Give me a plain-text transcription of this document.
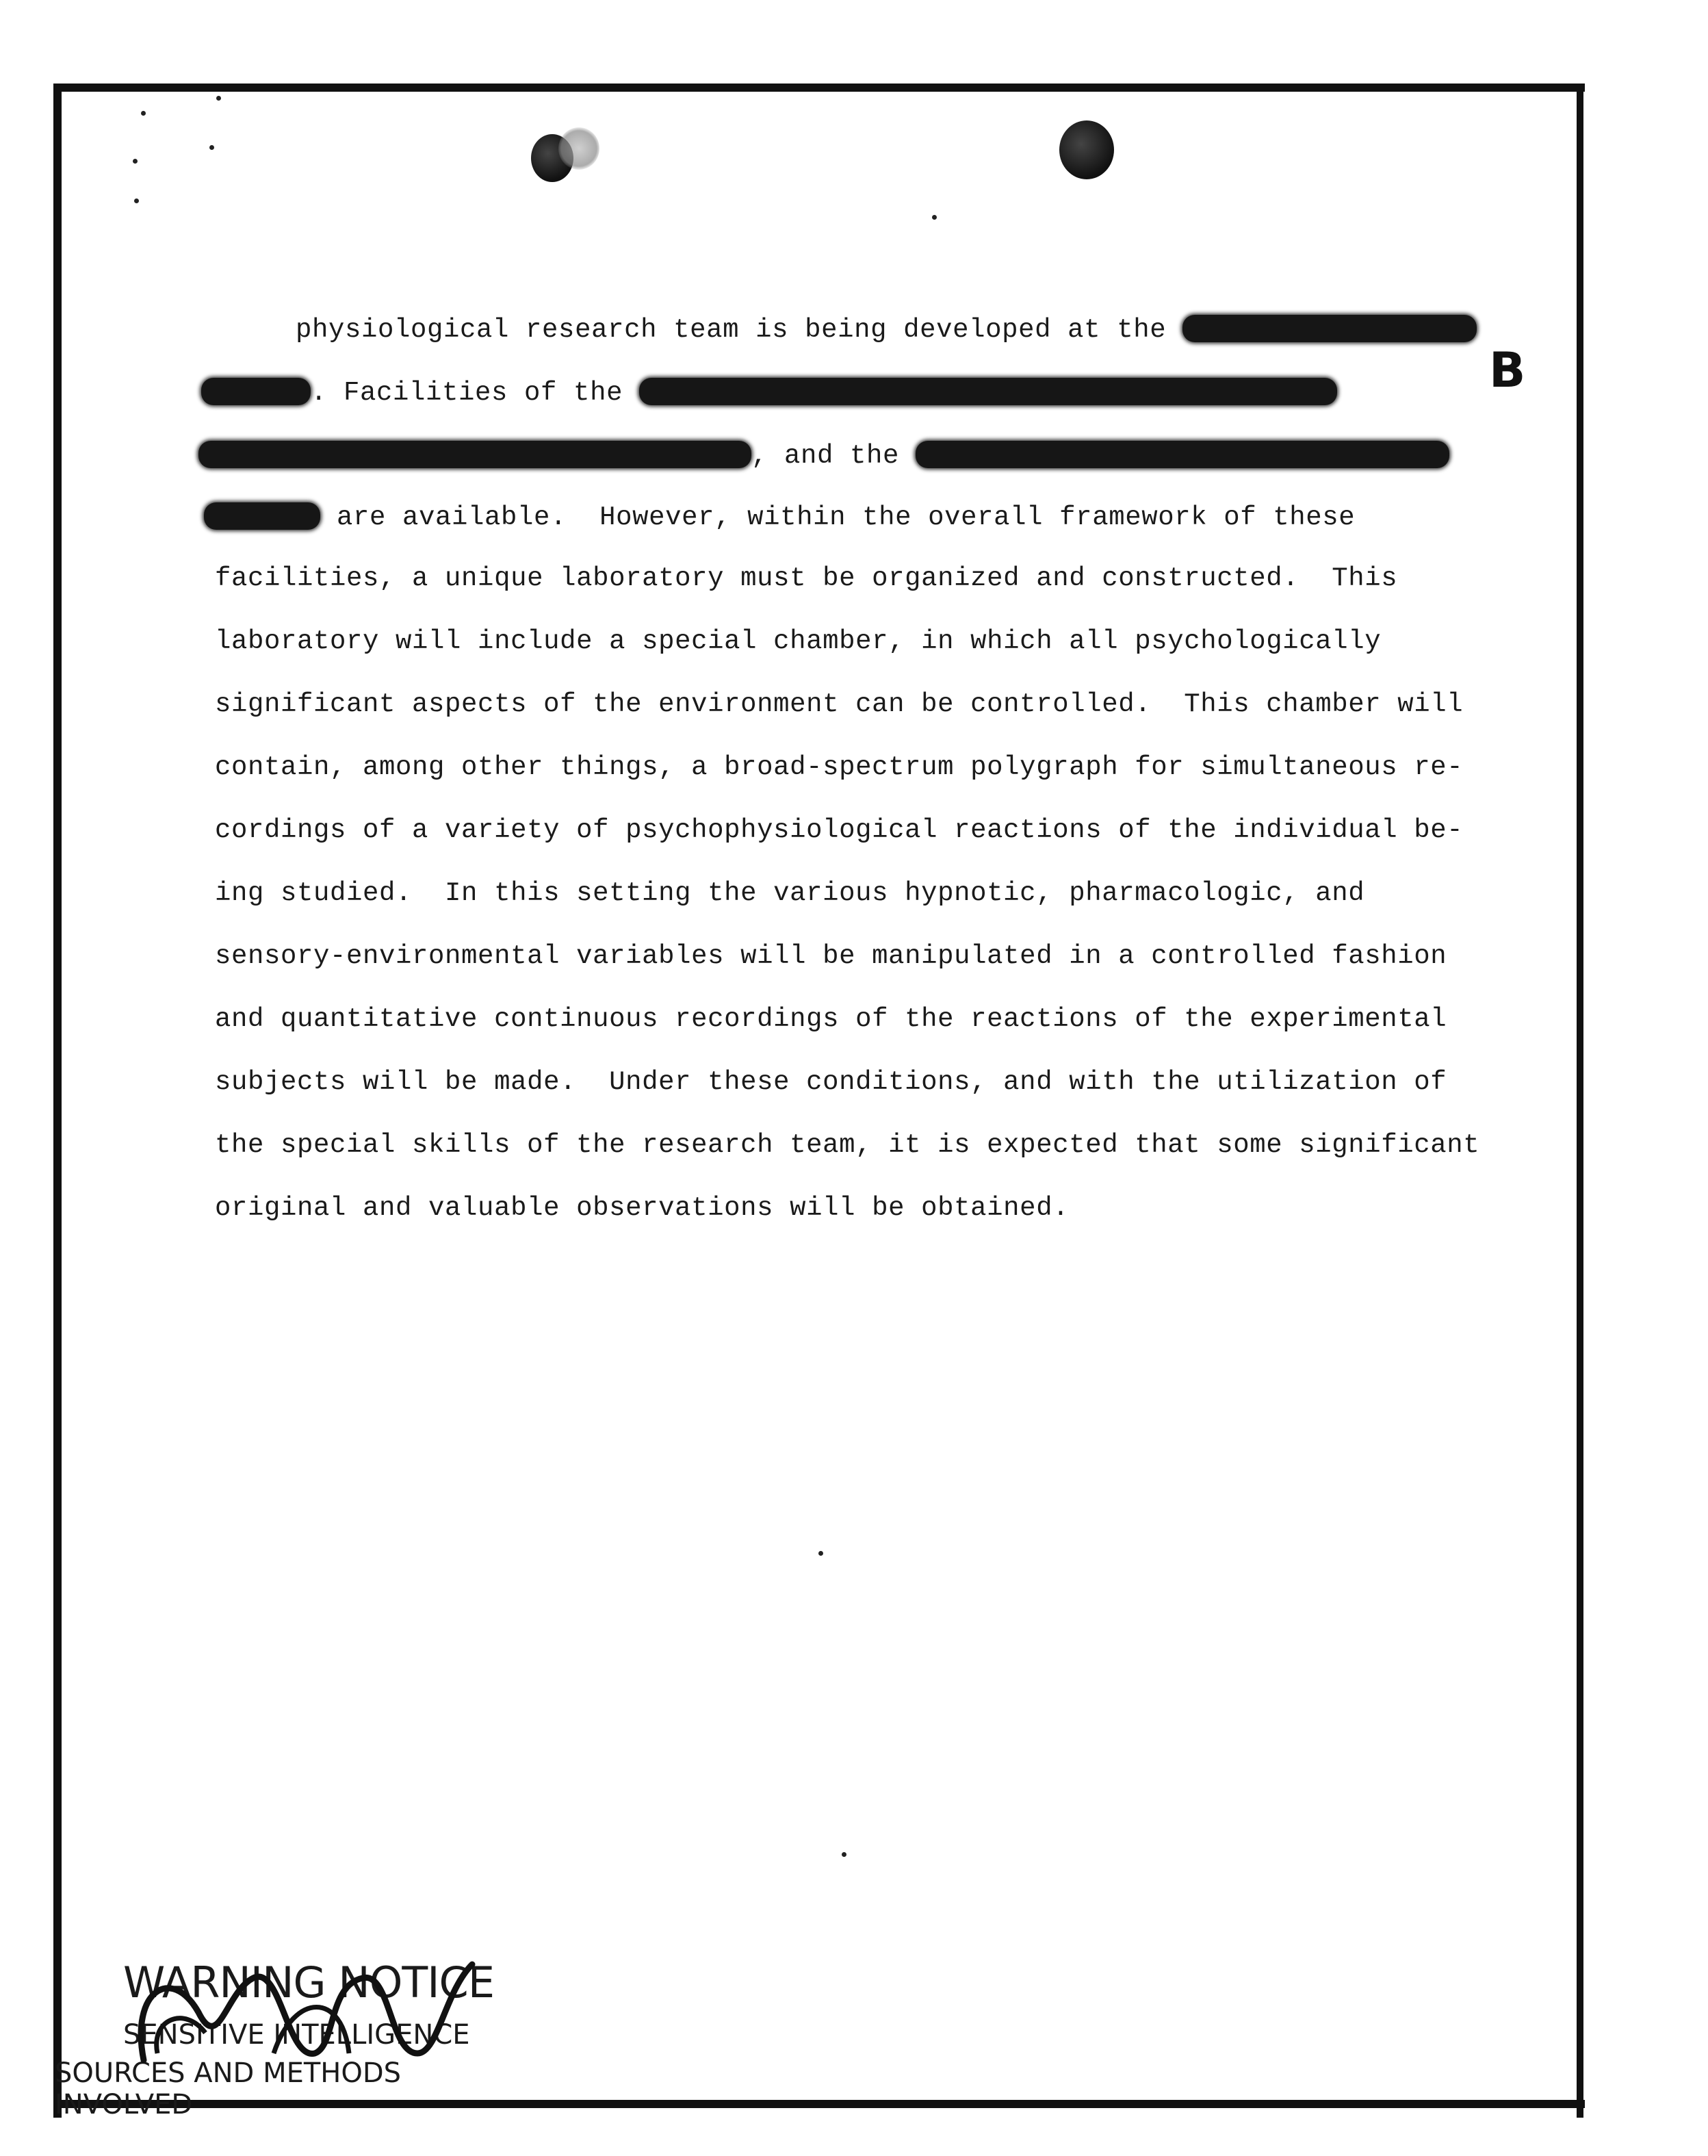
physiological research team is being developed at the
. Facilities of the
, and the
are available.  However, within the overall framework of these
facilities, a unique laboratory must be organized and constructed.  This
laboratory will include a special chamber, in which all psychologically
significant aspects of the environment can be controlled.  This chamber will
contain, among other things, a broad-spectrum polygraph for simultaneous re-
cordings of a variety of psychophysiological reactions of the individual be-
ing studied.  In this setting the various hypnotic, pharmacologic, and
sensory-environmental variables will be manipulated in a controlled fashion
and quantitative continuous recordings of the reactions of the experimental
subjects will be made.  Under these conditions, and with the utilization of
the special skills of the research team, it is expected that some significant
original and valuable observations will be obtained.
B
WARNING NOTICE
SENSITIVE INTELLIGENCE
SOURCES AND METHODS INVOLVED
